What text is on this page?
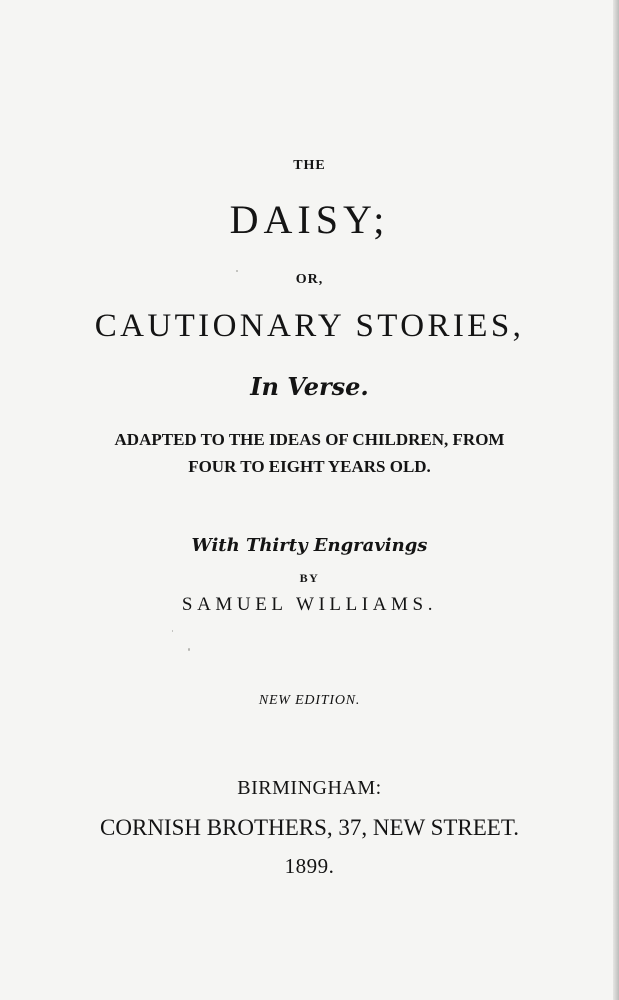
THE

DAISY;

OR,

CAUTIONARY STORIES,

In Verse.

ADAPTED TO THE IDEAS OF CHILDREN, FROM

FOUR TO EIGHT YEARS OLD.

With Thirty Engravings

BY

SAMUEL WILLIAMS.

NEW EDITION.

BIRMINGHAM:

CORNISH BROTHERS, 37, NEW STREET.

1899.
